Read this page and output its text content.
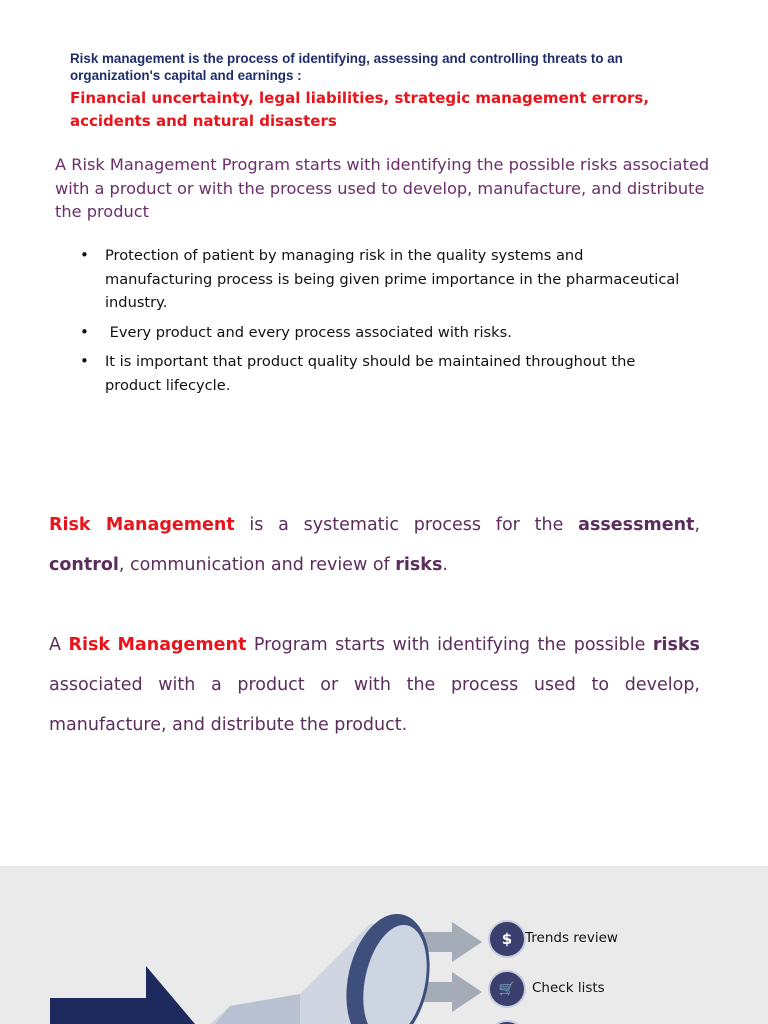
Risk management is the process of identifying, assessing and controlling threats to an organization's capital and earnings :
Financial uncertainty, legal liabilities, strategic management errors, accidents and natural disasters
A Risk Management Program starts with identifying the possible risks associated with a product or with the process used to develop, manufacture, and distribute the product
• Protection of patient by managing risk in the quality systems and manufacturing process is being given prime importance in the pharmaceutical industry.
• Every product and every process associated with risks.
• It is important that product quality should be maintained throughout the product lifecycle.
Risk Management is a systematic process for the assessment, control, communication and review of risks.
A Risk Management Program starts with identifying the possible risks associated with a product or with the process used to develop, manufacture, and distribute the product.
$ Trends review
🛒	Check lists
